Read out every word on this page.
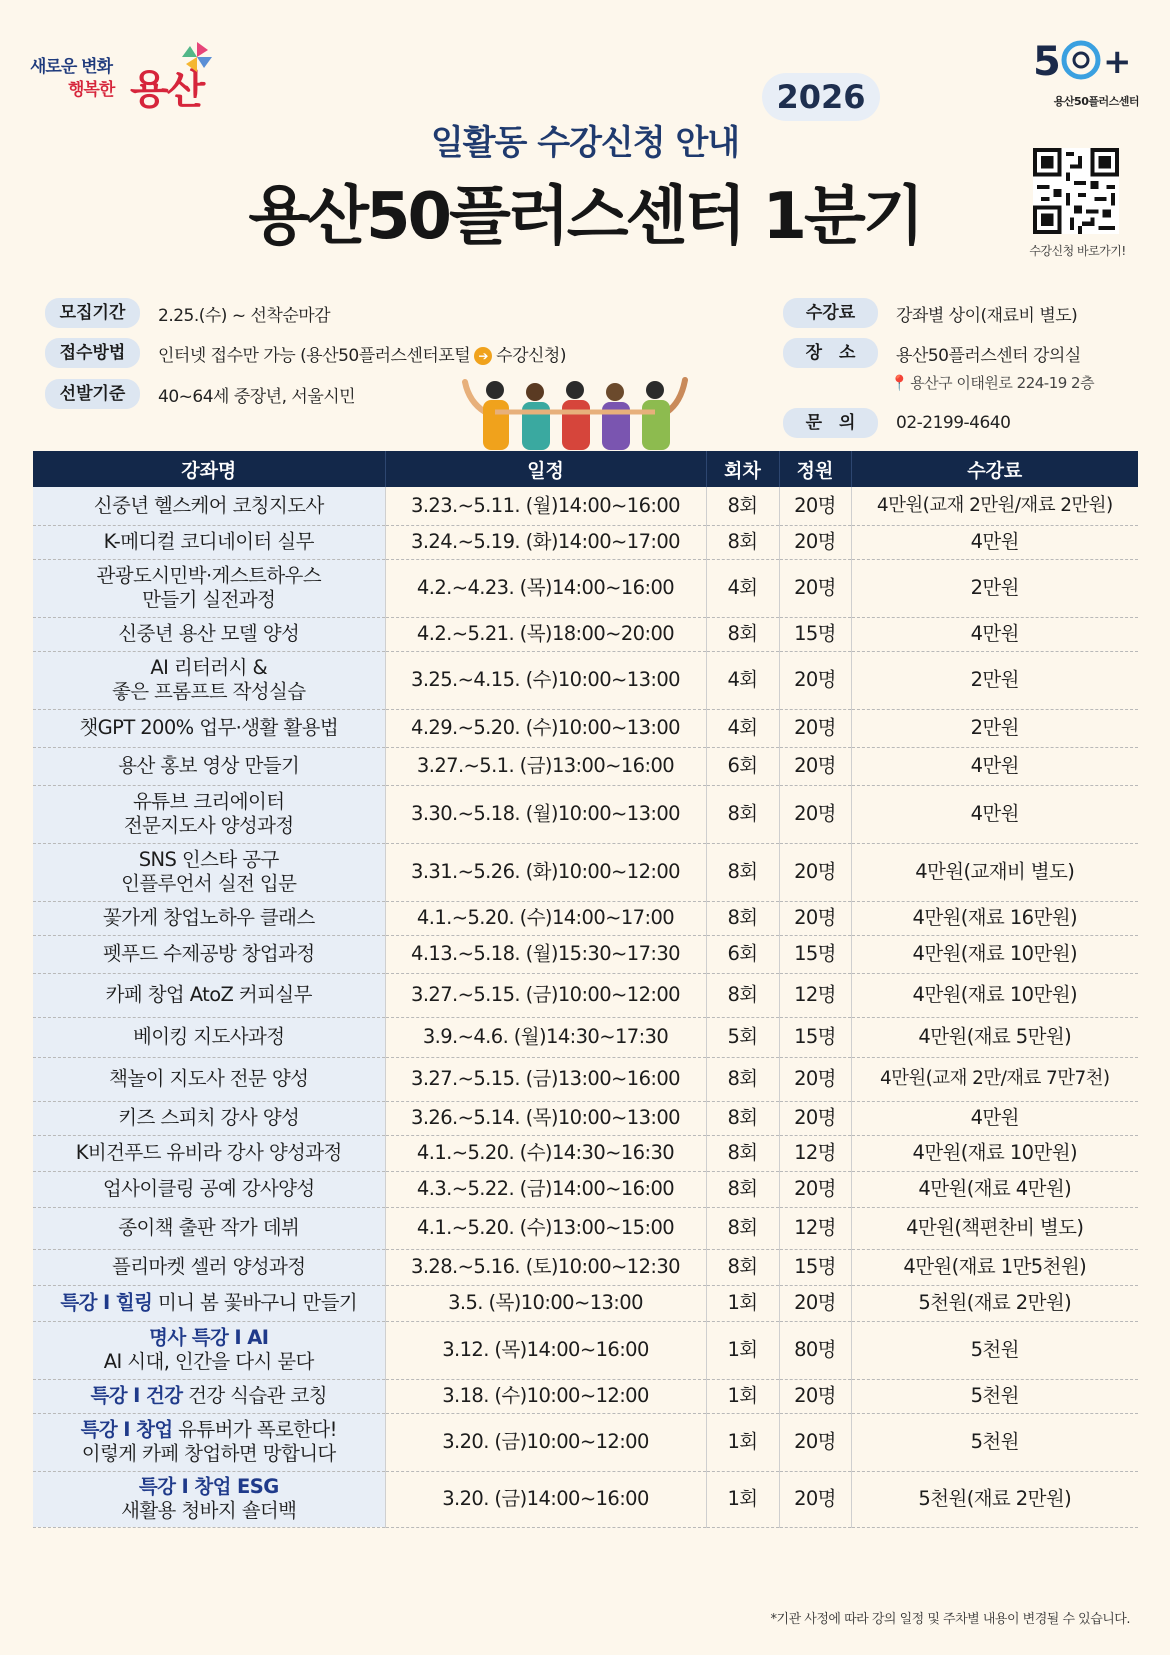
새로운 변화
행복한 용산
5 +
용산50플러스센터
2026
일활동 수강신청 안내
용산50플러스센터 1분기	수강신청 바로가기!
모집기간	2.25.(수) ~ 선착순마감
접수방법	인터넷 접수만 가능 (용산50플러스센터포털 ➔ 수강신청)
선발기준	40~64세 중장년, 서울시민
수강료	강좌별 상이(재료비 별도)
장　소	용산50플러스센터 강의실
📍 용산구 이태원로 224-19 2층
문　의	02-2199-4640
강좌명	일정	회차	정원	수강료

신중년 헬스케어 코칭지도사	3.23.~5.11. (월)14:00~16:00	8회	20명	4만원(교재 2만원/재료 2만원)

K-메디컬 코디네이터 실무	3.24.~5.19. (화)14:00~17:00	8회	20명	4만원

관광도시민박·게스트하우스
만들기 실전과정	4.2.~4.23. (목)14:00~16:00	4회	20명	2만원

신중년 용산 모델 양성	4.2.~5.21. (목)18:00~20:00	8회	15명	4만원

AI 리터러시 &
좋은 프롬프트 작성실습	3.25.~4.15. (수)10:00~13:00	4회	20명	2만원

챗GPT 200% 업무·생활 활용법	4.29.~5.20. (수)10:00~13:00	4회	20명	2만원

용산 홍보 영상 만들기	3.27.~5.1. (금)13:00~16:00	6회	20명	4만원

유튜브 크리에이터
전문지도사 양성과정	3.30.~5.18. (월)10:00~13:00	8회	20명	4만원

SNS 인스타 공구
인플루언서 실전 입문	3.31.~5.26. (화)10:00~12:00	8회	20명	4만원(교재비 별도)

꽃가게 창업노하우 클래스	4.1.~5.20. (수)14:00~17:00	8회	20명	4만원(재료 16만원)

펫푸드 수제공방 창업과정	4.13.~5.18. (월)15:30~17:30	6회	15명	4만원(재료 10만원)

카페 창업 AtoZ 커피실무	3.27.~5.15. (금)10:00~12:00	8회	12명	4만원(재료 10만원)

베이킹 지도사과정	3.9.~4.6. (월)14:30~17:30	5회	15명	4만원(재료 5만원)

책놀이 지도사 전문 양성	3.27.~5.15. (금)13:00~16:00	8회	20명	4만원(교재 2만/재료 7만7천)

키즈 스피치 강사 양성	3.26.~5.14. (목)10:00~13:00	8회	20명	4만원

K비건푸드 유비라 강사 양성과정	4.1.~5.20. (수)14:30~16:30	8회	12명	4만원(재료 10만원)

업사이클링 공예 강사양성	4.3.~5.22. (금)14:00~16:00	8회	20명	4만원(재료 4만원)

종이책 출판 작가 데뷔	4.1.~5.20. (수)13:00~15:00	8회	12명	4만원(책편찬비 별도)

플리마켓 셀러 양성과정	3.28.~5.16. (토)10:00~12:30	8회	15명	4만원(재료 1만5천원)

특강 I 힐링 미니 봄 꽃바구니 만들기	3.5. (목)10:00~13:00	1회	20명	5천원(재료 2만원)

명사 특강 I AI
AI 시대, 인간을 다시 묻다	3.12. (목)14:00~16:00	1회	80명	5천원

특강 I 건강 건강 식습관 코칭	3.18. (수)10:00~12:00	1회	20명	5천원

특강 I 창업 유튜버가 폭로한다!
이렇게 카페 창업하면 망합니다	3.20. (금)10:00~12:00	1회	20명	5천원

특강 I 창업 ESG
새활용 청바지 숄더백	3.20. (금)14:00~16:00	1회	20명	5천원(재료 2만원)
*기관 사정에 따라 강의 일정 및 주차별 내용이 변경될 수 있습니다.
